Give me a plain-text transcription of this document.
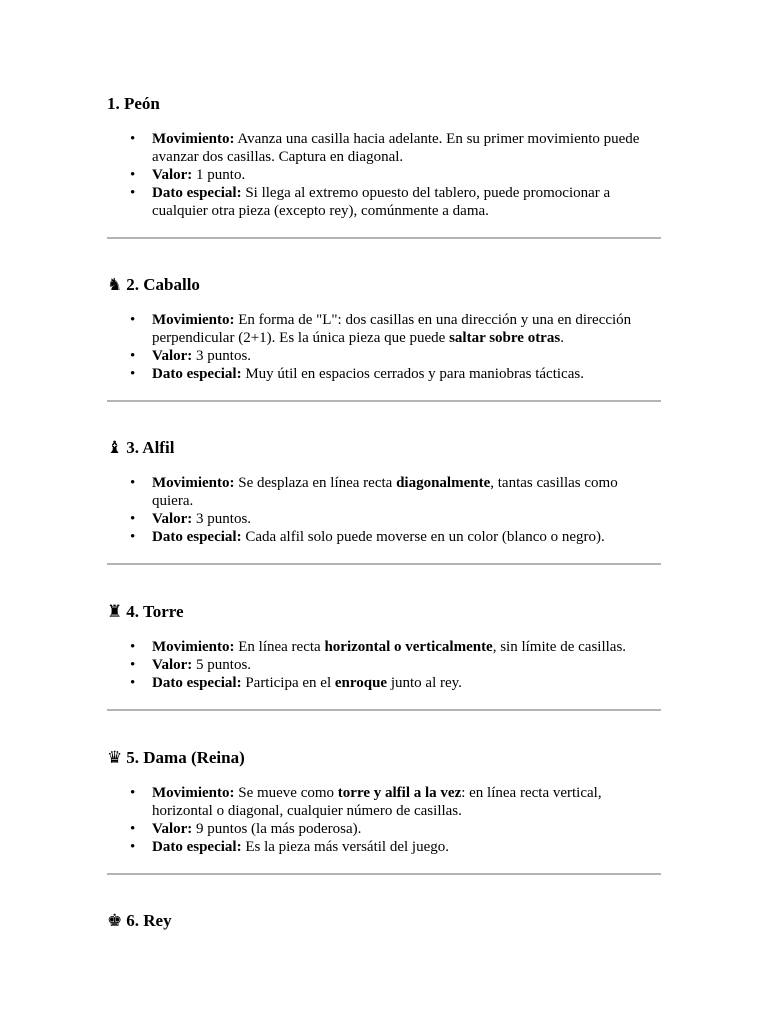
1. Peón
• Movimiento: Avanza una casilla hacia adelante. En su primer movimiento puede avanzar dos casillas. Captura en diagonal.
• Valor: 1 punto.
• Dato especial: Si llega al extremo opuesto del tablero, puede promocionar a cualquier otra pieza (excepto rey), comúnmente a dama.
♞ 2. Caballo
• Movimiento: En forma de "L": dos casillas en una dirección y una en dirección perpendicular (2+1). Es la única pieza que puede saltar sobre otras.
• Valor: 3 puntos.
• Dato especial: Muy útil en espacios cerrados y para maniobras tácticas.
♝ 3. Alfil
• Movimiento: Se desplaza en línea recta diagonalmente, tantas casillas como quiera.
• Valor: 3 puntos.
• Dato especial: Cada alfil solo puede moverse en un color (blanco o negro).
♜ 4. Torre
• Movimiento: En línea recta horizontal o verticalmente, sin límite de casillas.
• Valor: 5 puntos.
• Dato especial: Participa en el enroque junto al rey.
♛ 5. Dama (Reina)
• Movimiento: Se mueve como torre y alfil a la vez: en línea recta vertical, horizontal o diagonal, cualquier número de casillas.
• Valor: 9 puntos (la más poderosa).
• Dato especial: Es la pieza más versátil del juego.
♚ 6. Rey
